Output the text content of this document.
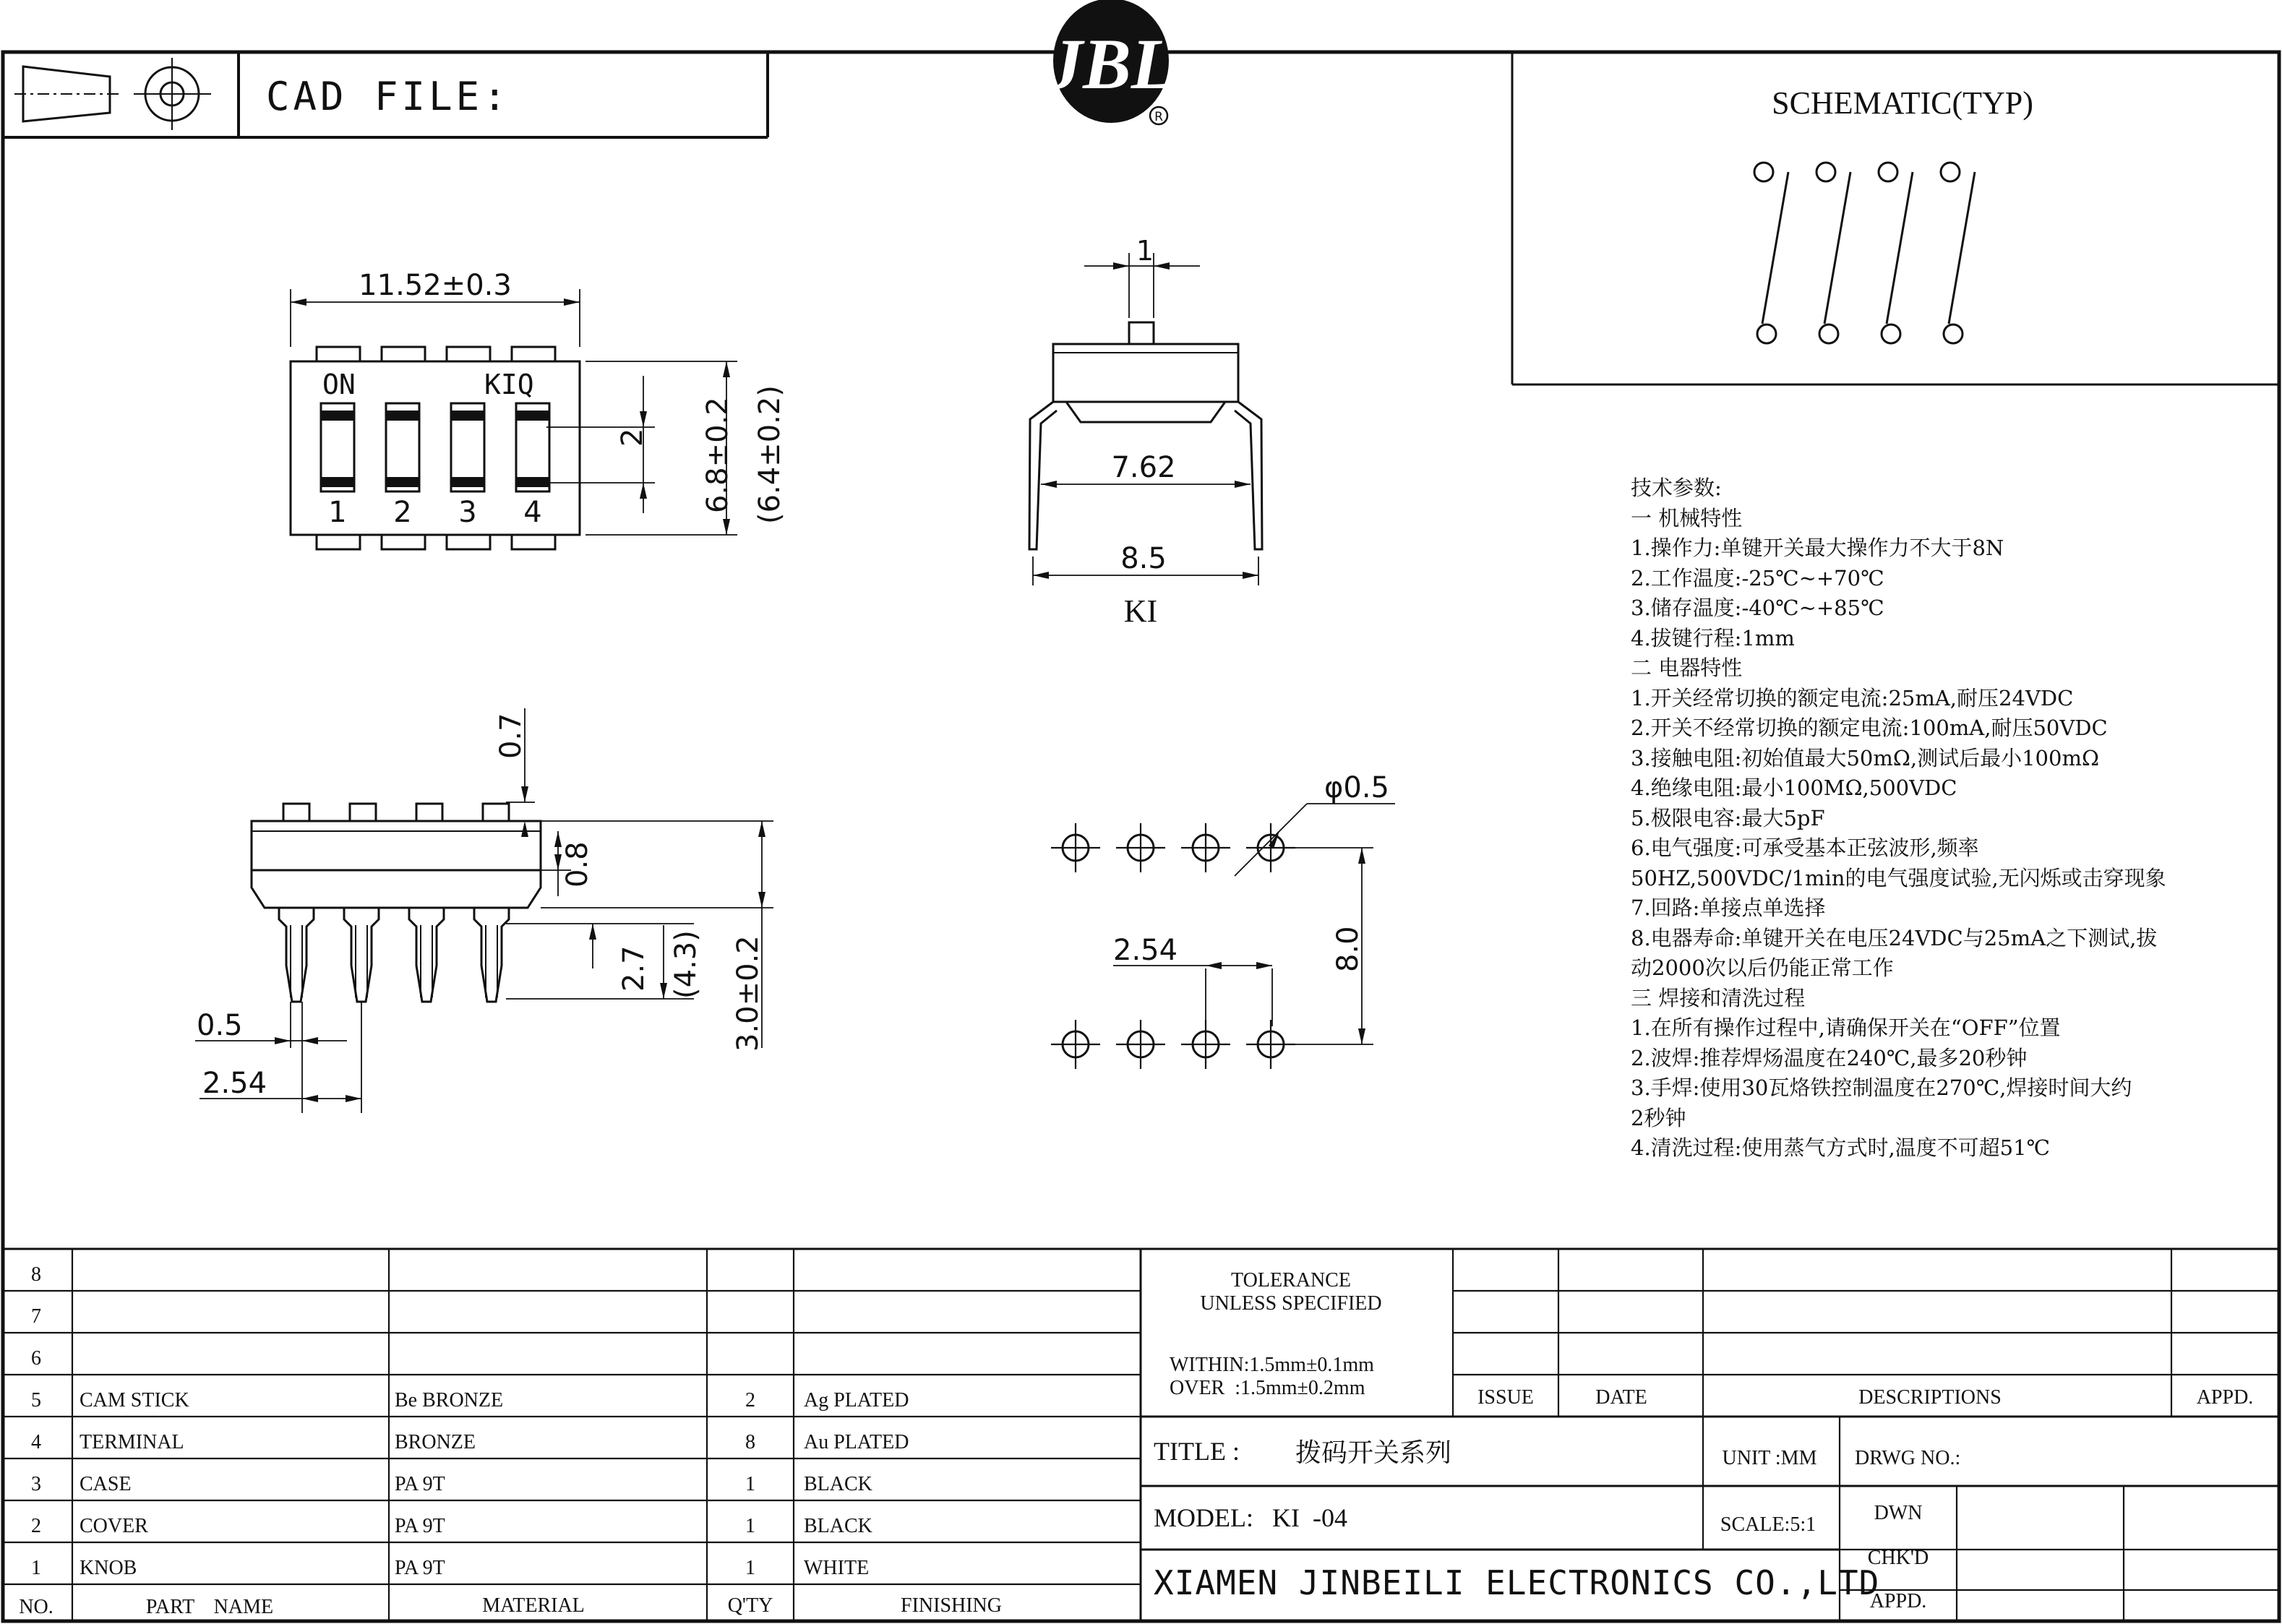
CAD FILE:	JBL
R	SCHEMATIC(TYP)
1 2 3 4
11.52±0.3
ON	KIQ
2 6.8±0.2 (6.4±0.2)
1
7.62
8.5
KI
0.7
0.8
2.7 (4.3) 3.0±0.2
0.5
2.54
φ0.5
2.54	8.0
8
7
6
5 CAM STICK	Be BRONZE	2 Ag PLATED
4 TERMINAL	BRONZE	8 Au PLATED
3 CASE	PA 9T	1 BLACK
2 COVER	PA 9T	1 BLACK
1 KNOB	PA 9T	1 WHITE
NO.	PART NAME	MATERIAL	Q'TY	FINISHING
TOLERANCE
UNLESS SPECIFIED
WITHIN:1.5mm±0.1mm
OVER  :1.5mm±0.2mm	ISSUE	DATE	DESCRIPTIONS	APPD.
TITLE : 拨码开关系列	UNIT :MM DRWG NO.:
MODEL: KI  -04	SCALE:5:1
DWN
CHK'D
APPD.
XIAMEN JINBEILI ELECTRONICS CO.,LTD
技术参数:
一 机械特性
1.操作力:单键开关最大操作力不大于8N
2.工作温度:-25℃~+70℃
3.储存温度:-40℃~+85℃
4.拔键行程:1mm
二 电器特性
1.开关经常切换的额定电流:25mA,耐压24VDC
2.开关不经常切换的额定电流:100mA,耐压50VDC
3.接触电阻:初始值最大50mΩ,测试后最小100mΩ
4.绝缘电阻:最小100MΩ,500VDC
5.极限电容:最大5pF
6.电气强度:可承受基本正弦波形,频率
50HZ,500VDC/1min的电气强度试验,无闪烁或击穿现象
7.回路:单接点单选择
8.电器寿命:单键开关在电压24VDC与25mA之下测试,拔
动2000次以后仍能正常工作
三 焊接和清洗过程
1.在所有操作过程中,请确保开关在“OFF”位置
2.波焊:推荐焊炀温度在240℃,最多20秒钟
3.手焊:使用30瓦烙铁控制温度在270℃,焊接时间大约
2秒钟
4.清洗过程:使用蒸气方式时,温度不可超51℃
